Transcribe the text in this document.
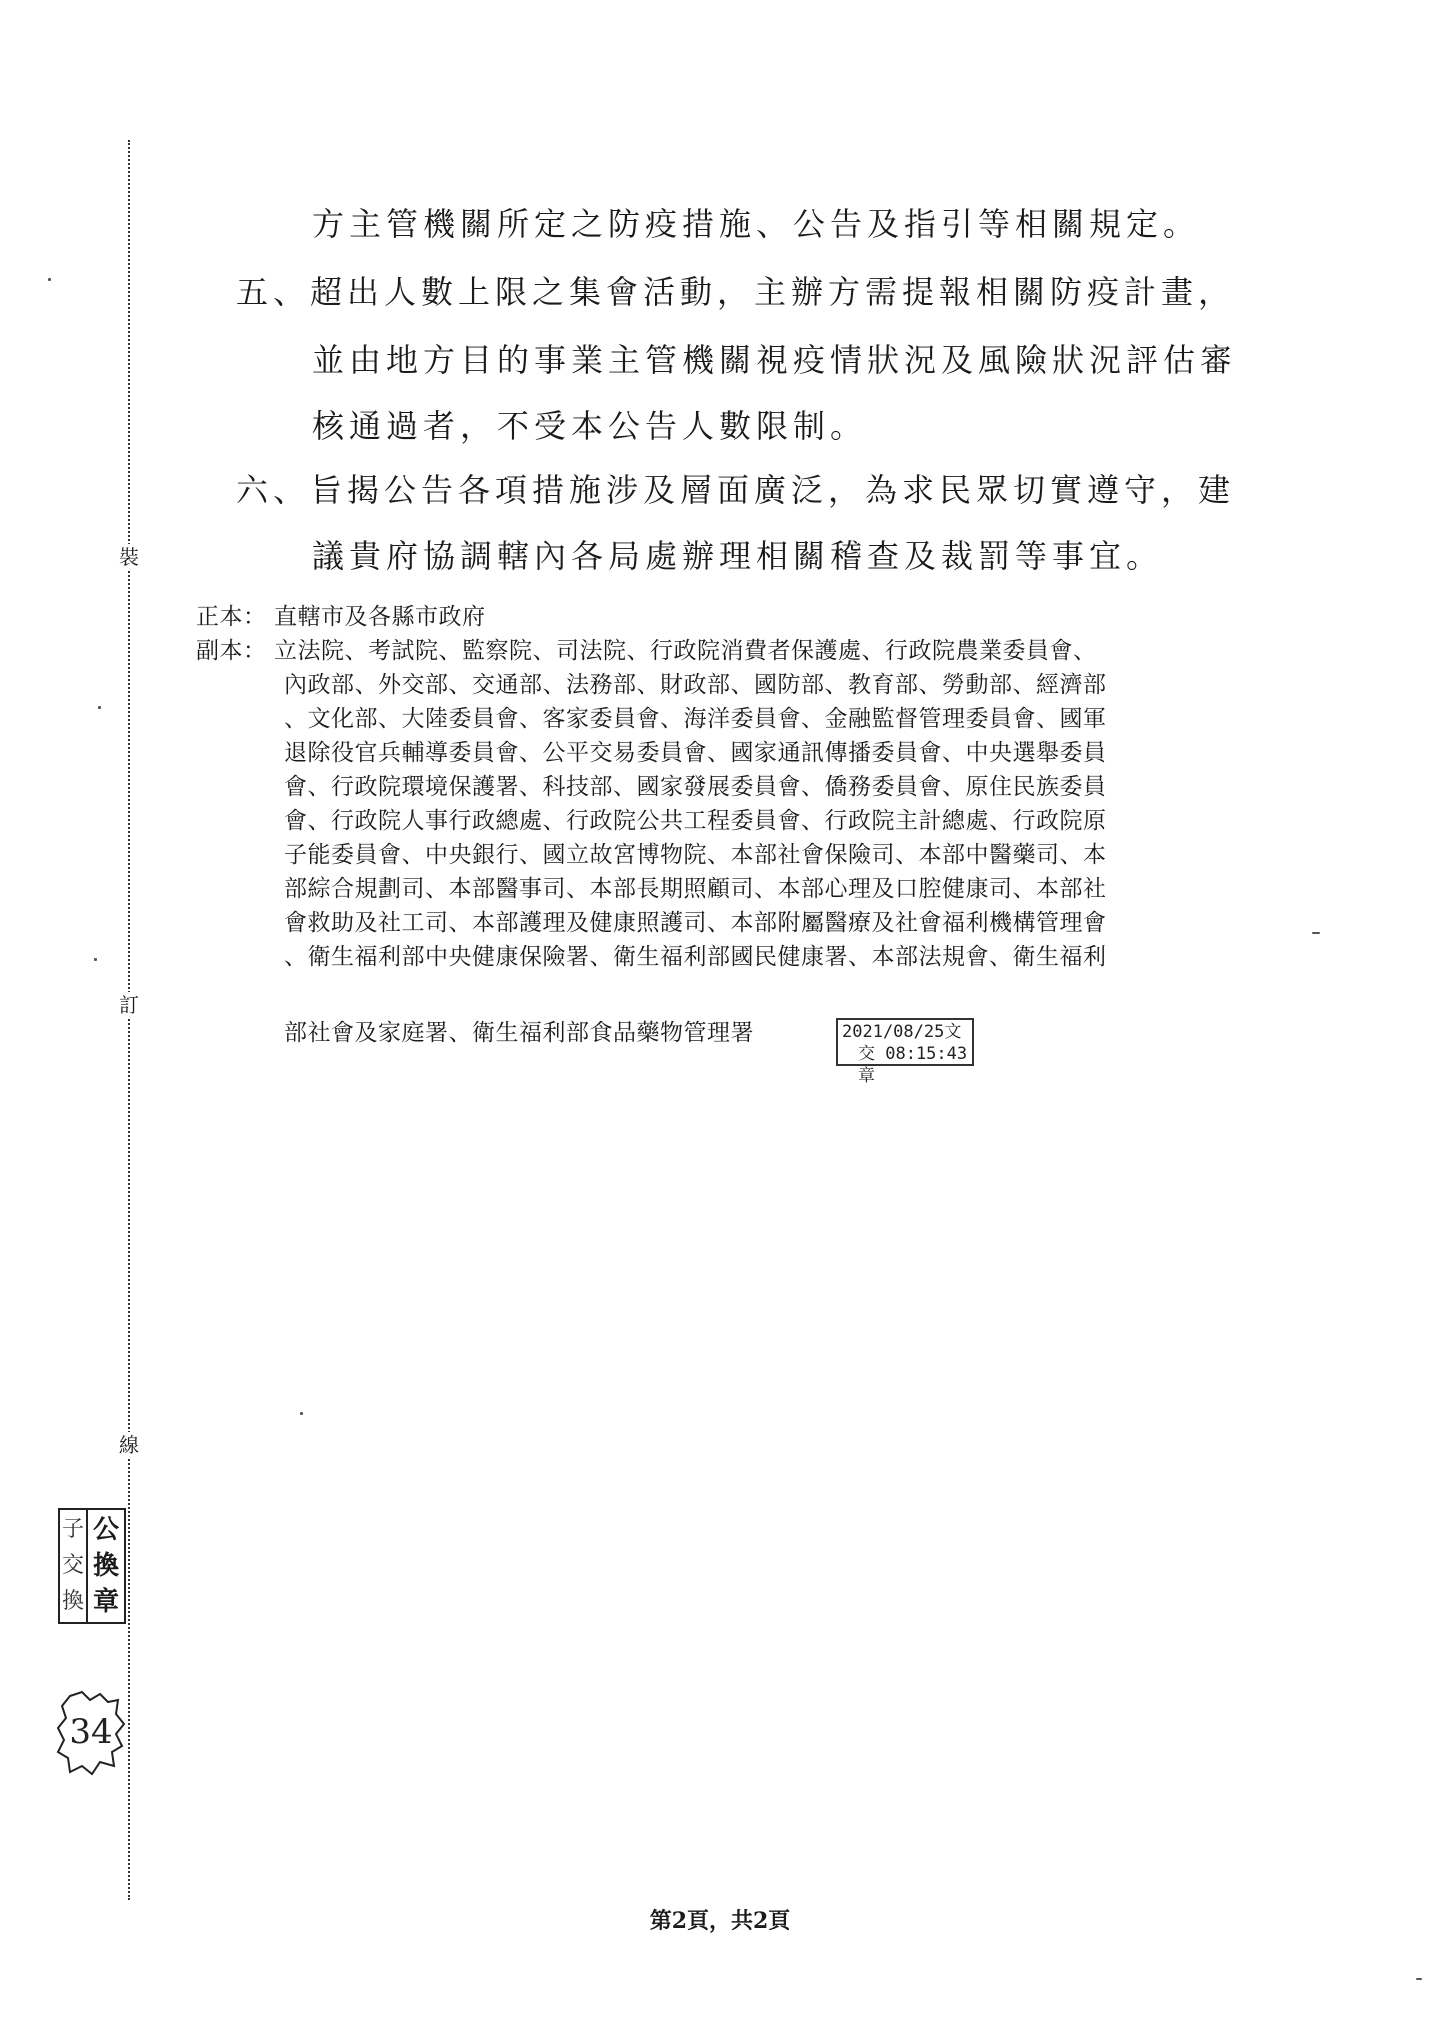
裝
訂
線
子
交
換
公
換
章
34
方主管機關所定之防疫措施、公告及指引等相關規定。
五、超出人數上限之集會活動，主辦方需提報相關防疫計畫，
並由地方目的事業主管機關視疫情狀況及風險狀況評估審
核通過者，不受本公告人數限制。
六、旨揭公告各項措施涉及層面廣泛，為求民眾切實遵守，建
議貴府協調轄內各局處辦理相關稽查及裁罰等事宜。
正本： 直轄市及各縣市政府
副本： 立法院、考試院、監察院、司法院、行政院消費者保護處、行政院農業委員會、
內政部、外交部、交通部、法務部、財政部、國防部、教育部、勞動部、經濟部
、文化部、大陸委員會、客家委員會、海洋委員會、金融監督管理委員會、國軍
退除役官兵輔導委員會、公平交易委員會、國家通訊傳播委員會、中央選舉委員
會、行政院環境保護署、科技部、國家發展委員會、僑務委員會、原住民族委員
會、行政院人事行政總處、行政院公共工程委員會、行政院主計總處、行政院原
子能委員會、中央銀行、國立故宮博物院、本部社會保險司、本部中醫藥司、本
部綜合規劃司、本部醫事司、本部長期照顧司、本部心理及口腔健康司、本部社
會救助及社工司、本部護理及健康照護司、本部附屬醫療及社會福利機構管理會
、衛生福利部中央健康保險署、衛生福利部國民健康署、本部法規會、衛生福利
部社會及家庭署、衛生福利部食品藥物管理署	2021/08/25文
交 08:15:43章
第2頁，共2頁
